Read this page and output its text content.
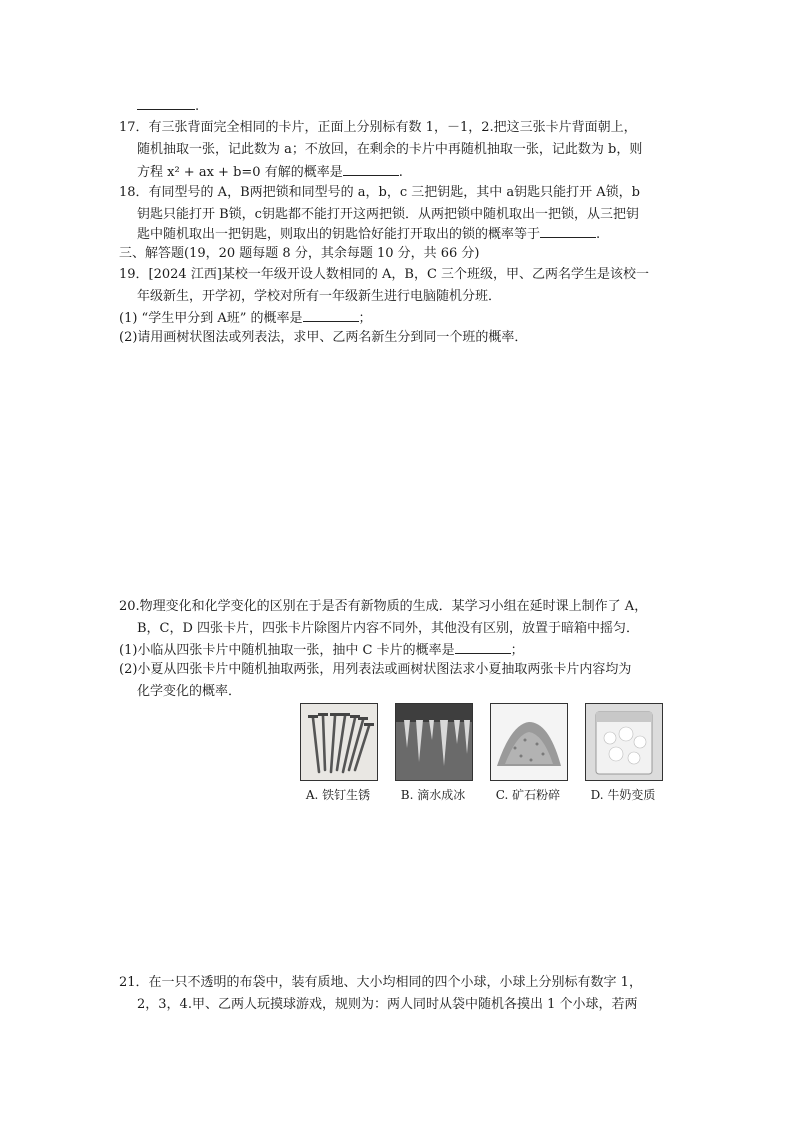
.
17．有三张背面完全相同的卡片，正面上分别标有数 1，－1，2.把这三张卡片背面朝上，
随机抽取一张，记此数为 a；不放回，在剩余的卡片中再随机抽取一张，记此数为 b，则
方程 x² + ax + b=0 有解的概率是	.
18．有同型号的 A，B两把锁和同型号的 a，b，c 三把钥匙，其中 a钥匙只能打开 A锁，b
钥匙只能打开 B锁，c钥匙都不能打开这两把锁．从两把锁中随机取出一把锁，从三把钥
匙中随机取出一把钥匙，则取出的钥匙恰好能打开取出的锁的概率等于	.
三、解答题(19，20 题每题 8 分，其余每题 10 分，共 66 分)
19．[2024 江西]某校一年级开设人数相同的 A，B，C 三个班级，甲、乙两名学生是该校一
年级新生，开学初，学校对所有一年级新生进行电脑随机分班．
(1) “学生甲分到 A班” 的概率是	；
(2)请用画树状图法或列表法，求甲、乙两名新生分到同一个班的概率．
20.物理变化和化学变化的区别在于是否有新物质的生成．某学习小组在延时课上制作了 A，
B，C，D 四张卡片，四张卡片除图片内容不同外，其他没有区别，放置于暗箱中摇匀．
(1)小临从四张卡片中随机抽取一张，抽中 C 卡片的概率是	；
(2)小夏从四张卡片中随机抽取两张，用列表法或画树状图法求小夏抽取两张卡片内容均为
化学变化的概率．
A. 铁钉生锈	B. 滴水成冰	C. 矿石粉碎	D. 牛奶变质
21．在一只不透明的布袋中，装有质地、大小均相同的四个小球，小球上分别标有数字 1，
2，3，4.甲、乙两人玩摸球游戏，规则为：两人同时从袋中随机各摸出 1 个小球，若两
